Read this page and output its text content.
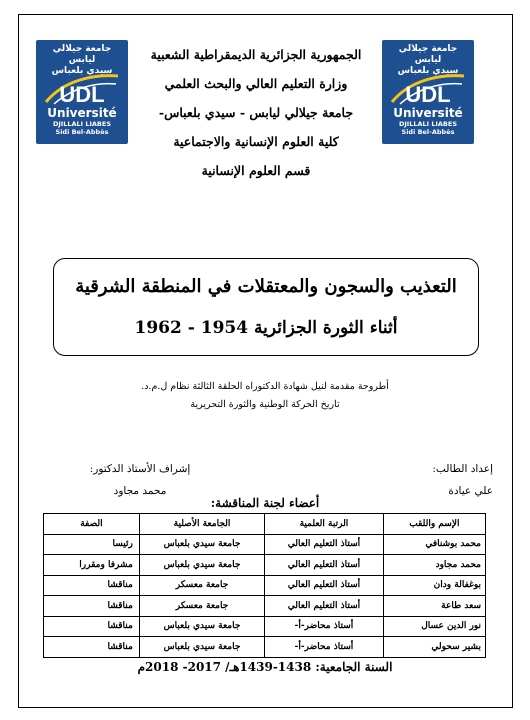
جامعة جيلالي ليابس
سيدي بلعباس
UDL
Université
DJILLALI LIABES
Sidi Bel-Abbès
جامعة جيلالي ليابس
سيدي بلعباس
UDL
Université
DJILLALI LIABES
Sidi Bel-Abbès
الجمهورية الجزائرية الديمقراطية الشعبية
وزارة التعليم العالي والبحث العلمي
جامعة جيلالي ليابس - سيدي بلعباس-
كلية العلوم الإنسانية والاجتماعية
قسم العلوم الإنسانية
التعذيب والسجون والمعتقلات في المنطقة الشرقية
أثناء الثورة الجزائرية 1954 - 1962
أطروحة مقدمة لنيل شهادة الدكتوراه الحلقة الثالثة نظام ل.م.د.
تاريخ الحركة الوطنية والثورة التحريرية
إعداد الطالب:
علي عيادة
إشراف الأستاذ الدكتور:
محمد مجاود
أعضاء لجنة المناقشة:
الإسم واللقب	الرتبة العلمية	الجامعة الأصلية	الصفة
محمد بوشنافي	أستاذ التعليم العالي	جامعة سيدي بلعباس	رئيسا
محمد مجاود	أستاذ التعليم العالي	جامعة سيدي بلعباس	مشرفا ومقررا
بوغفالة ودان	أستاذ التعليم العالي	جامعة معسكر	مناقشا
سعد طاعة	أستاذ التعليم العالي	جامعة معسكر	مناقشا
نور الدين عسال	أستاذ محاضر-أ-	جامعة سيدي بلعباس	مناقشا
بشير سحولي	أستاذ محاضر-أ-	جامعة سيدي بلعباس	مناقشا
السنة الجامعية: 1438-1439هـ/ 2017- 2018م
